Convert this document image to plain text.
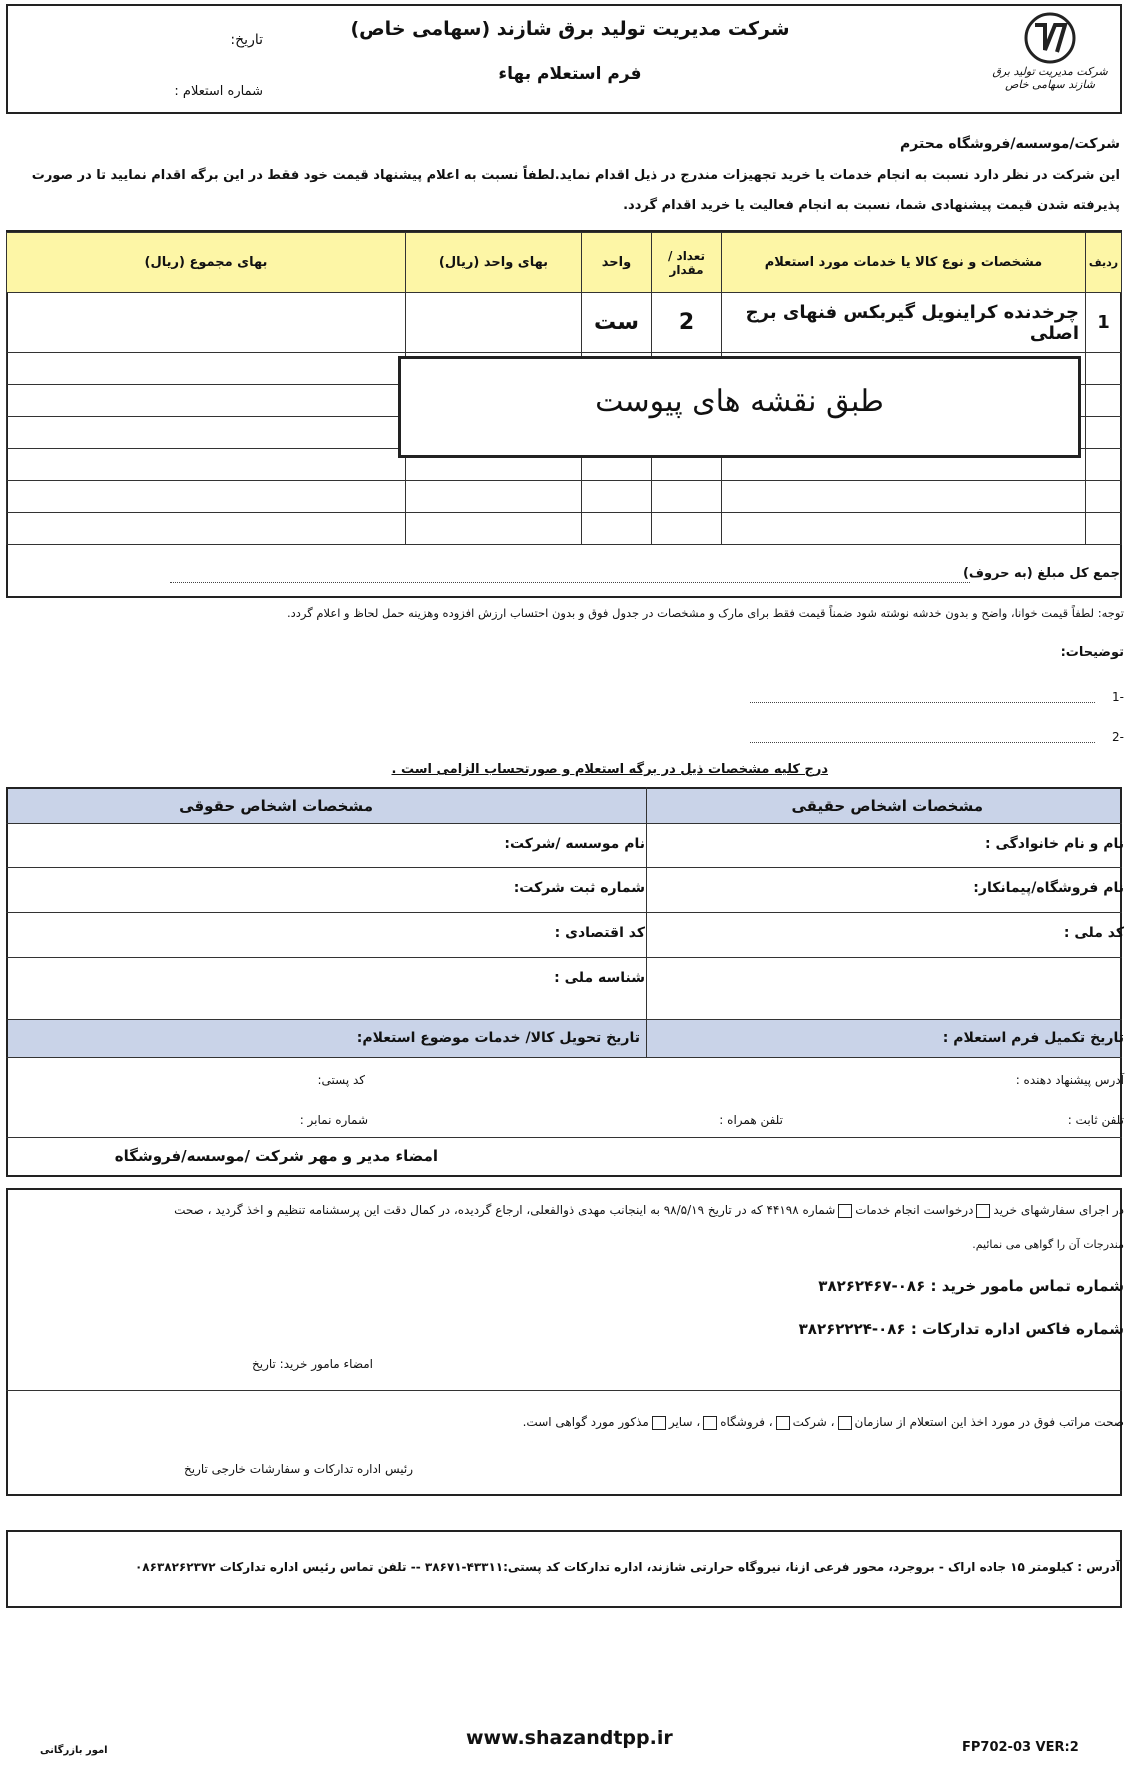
شرکت مدیریت تولید برق شازند سهامی خاص
شرکت مدیریت تولید برق شازند (سهامی خاص)
فرم استعلام بهاء
تاریخ:
شماره استعلام :
شرکت/موسسه/فروشگاه محترم
این شرکت در نظر دارد نسبت به انجام خدمات یا خرید تجهیزات مندرج در ذیل اقدام نماید.لطفاً نسبت به اعلام پیشنهاد قیمت خود فقط در این برگه اقدام نمایید تا در صورت
پذیرفته شدن قیمت پیشنهادی شما، نسبت به انجام فعالیت یا خرید اقدام گردد.
ردیف	مشخصات و نوع کالا یا خدمات مورد استعلام	تعداد / مقدار	واحد	بهای واحد (ریال)	بهای مجموع (ریال)
1	چرخدنده کراینویل گیربکس فنهای برج اصلی	2	ست		

طبق نقشه های پیوست
جمع کل مبلغ (به حروف)
توجه: لطفاً قیمت خوانا، واضح و بدون خدشه نوشته شود ضمناً قیمت فقط برای مارک و مشخصات در جدول فوق و بدون احتساب ارزش افزوده وهزینه حمل لحاظ و اعلام گردد.
توضیحات:
-1
-2
درج کلیه مشخصات ذیل در برگه استعلام و صورتحساب الزامی است .
مشخصات اشخاص حقیقی
مشخصات اشخاص حقوقی
نام و نام خانوادگی :
نام فروشگاه/پیمانکار:
کد ملی :
نام موسسه /شرکت:
شماره ثبت شرکت:
کد اقتصادی :
شناسه ملی :
تاریخ تکمیل فرم استعلام :
تاریخ تحویل کالا/ خدمات موضوع استعلام:
آدرس پیشنهاد دهنده :
کد پستی:
تلفن ثابت :
تلفن همراه :
شماره نمابر :
امضاء مدیر و مهر شرکت /موسسه/فروشگاه
در اجرای سفارشهای خریددرخواست انجام خدماتشماره ۴۴۱۹۸ که در تاریخ ۹۸/۵/۱۹ به اینجانب مهدی ذوالفعلی، ارجاع گردیده، در کمال دقت این پرسشنامه تنظیم و اخذ گردید ، صحت
مندرجات آن را گواهی می نمائیم.
شماره تماس مامور خرید : ۰۸۶-۳۸۲۶۲۴۶۷
شماره فاکس اداره تدارکات : ۰۸۶-۳۸۲۶۲۲۲۴
امضاء مامور خرید: تاریخ
صحت مراتب فوق در مورد اخذ این استعلام از سازمان، شرکت، فروشگاه، سایرمذکور مورد گواهی است.
رئیس اداره تدارکات و سفارشات خارجی تاریخ
آدرس : کیلومتر ۱۵ جاده اراک - بروجرد، محور فرعی ازنا، نیروگاه حرارتی شازند، اداره تدارکات کد پستی:۴۳۳۱۱-۳۸۶۷۱ -- تلفن تماس رئیس اداره تدارکات ۰۸۶۳۸۲۶۲۳۷۲
www.shazandtpp.ir	FP702-03 VER:2
امور بازرگانی
